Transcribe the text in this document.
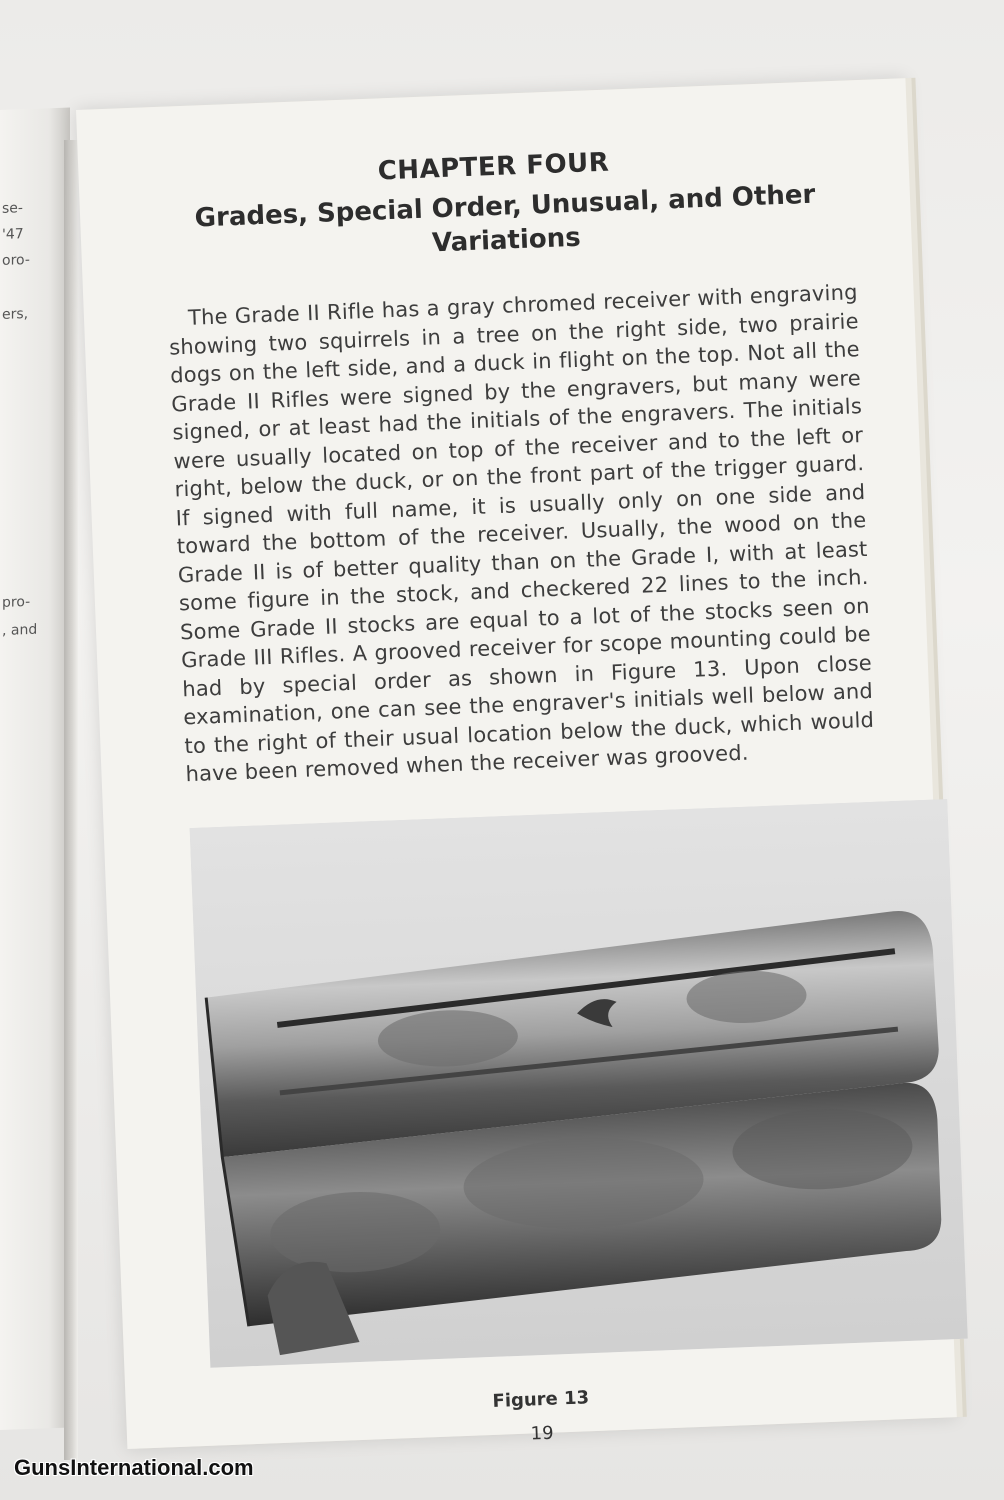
se-
'47
oro-
ers,
pro-
, and
CHAPTER FOUR
Grades, Special Order, Unusual, and Other Variations
The Grade II Rifle has a gray chromed receiver with engraving showing two squirrels in a tree on the right side, two prairie dogs on the left side, and a duck in flight on the top. Not all the Grade II Rifles were signed by the engravers, but many were signed, or at least had the initials of the engravers. The initials were usually located on top of the receiver and to the left or right, below the duck, or on the front part of the trigger guard. If signed with full name, it is usually only on one side and toward the bottom of the receiver. Usually, the wood on the Grade II is of better quality than on the Grade I, with at least some figure in the stock, and checkered 22 lines to the inch. Some Grade II stocks are equal to a lot of the stocks seen on Grade III Rifles. A grooved receiver for scope mounting could be had by special order as shown in Figure 13. Upon close examination, one can see the engraver's initials well below and to the right of their usual location below the duck, which would have been removed when the receiver was grooved.
Figure 13
19
GunsInternational.com
